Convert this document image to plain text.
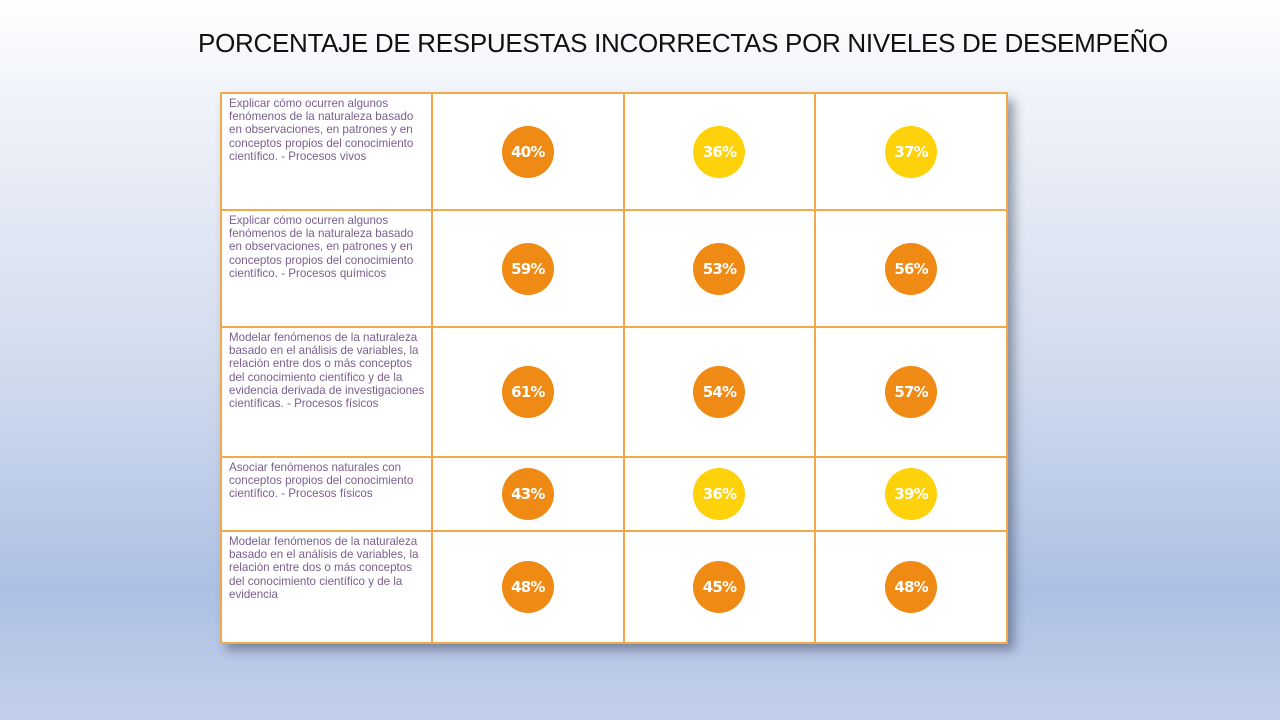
PORCENTAJE DE RESPUESTAS INCORRECTAS POR NIVELES DE DESEMPEÑO
Explicar cómo ocurren algunos fenómenos de la naturaleza basado en observaciones, en patrones y en conceptos propios del conocimiento científico. - Procesos vivos	40%	36%	37%
Explicar cómo ocurren algunos fenómenos de la naturaleza basado en observaciones, en patrones y en conceptos propios del conocimiento científico. - Procesos químicos	59%	53%	56%
Modelar fenómenos de la naturaleza basado en el análisis de variables, la relación entre dos o más conceptos del conocimiento científico y de la evidencia derivada de investigaciones científicas. - Procesos físicos	61%	54%	57%
Asociar fenómenos naturales con conceptos propios del conocimiento científico. - Procesos físicos	43%	36%	39%
Modelar fenómenos de la naturaleza basado en el análisis de variables, la relación entre dos o más conceptos del conocimiento científico y de la evidencia	48%	45%	48%
